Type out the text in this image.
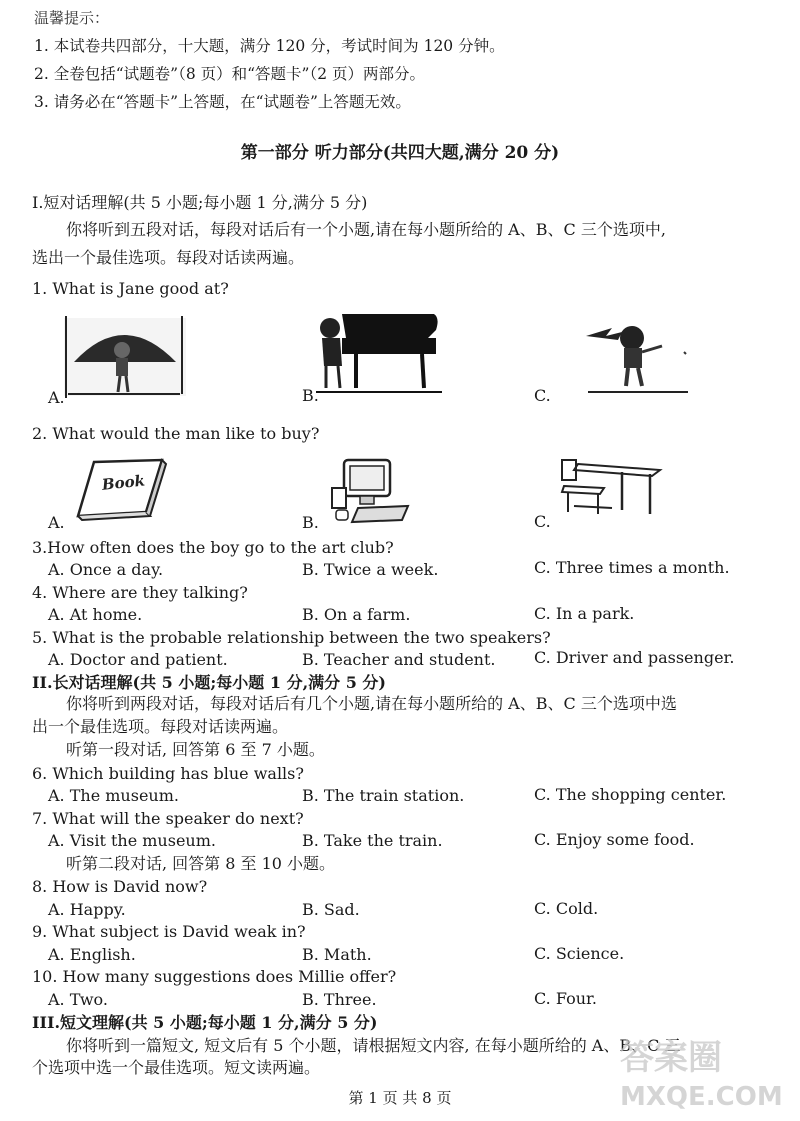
温馨提示：
1. 本试卷共四部分，十大题，满分 120 分，考试时间为 120 分钟。
2. 全卷包括“试题卷”（8 页）和“答题卡”（2 页）两部分。
3. 请务必在“答题卡”上答题，在“试题卷”上答题无效。
第一部分 听力部分(共四大题,满分 20 分)
I.短对话理解(共 5 小题;每小题 1 分,满分 5 分)
你将听到五段对话，每段对话后有一个小题,请在每小题所给的 A、B、C 三个选项中,
选出一个最佳选项。每段对话读两遍。
1. What is Jane good at?
A.	B.	C.
2. What would the man like to buy?
Book
A.	B.	C.
3.How often does the boy go to the art club?
A. Once a day.	B. Twice a week.	C. Three times a month.
4. Where are they talking?
A. At home.	B. On a farm.	C. In a park.
5. What is the probable relationship between the two speakers?
A. Doctor and patient.	B. Teacher and student. C. Driver and passenger.
II.长对话理解(共 5 小题;每小题 1 分,满分 5 分)
你将听到两段对话，每段对话后有几个小题,请在每小题所给的 A、B、C 三个选项中选
出一个最佳选项。每段对话读两遍。
听第一段对话, 回答第 6 至 7 小题。
6. Which building has blue walls?
A. The museum.	B. The train station.	C. The shopping center.
7. What will the speaker do next?
A. Visit the museum.	B. Take the train.	C. Enjoy some food.
听第二段对话, 回答第 8 至 10 小题。
8. How is David now?
A. Happy.	B. Sad.	C. Cold.
9. What subject is David weak in?
A. English.	B. Math.	C. Science.
10. How many suggestions does Millie offer?
A. Two.	B. Three.	C. Four.
III.短文理解(共 5 小题;每小题 1 分,满分 5 分)
你将听到一篇短文, 短文后有 5 个小题，请根据短文内容, 在每小题所给的 A、B、C 三
个选项中选一个最佳选项。短文读两遍。
第 1 页 共 8 页
答案圈
MXQE.COM
